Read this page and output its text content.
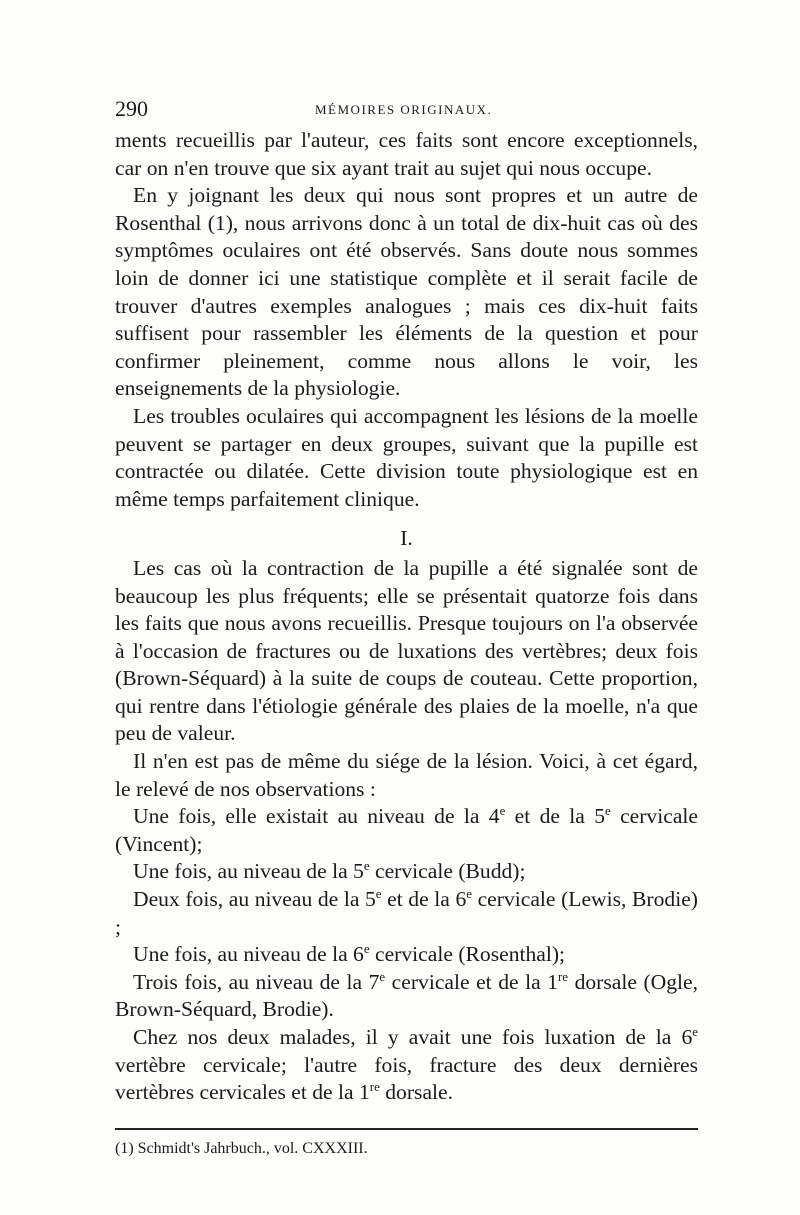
290	MÉMOIRES ORIGINAUX.

ments recueillis par l'auteur, ces faits sont encore exceptionnels, car on n'en trouve que six ayant trait au sujet qui nous occupe.

En y joignant les deux qui nous sont propres et un autre de Rosenthal (1), nous arrivons donc à un total de dix-huit cas où des symptômes oculaires ont été observés. Sans doute nous sommes loin de donner ici une statistique complète et il serait facile de trouver d'autres exemples analogues ; mais ces dix-huit faits suffisent pour rassembler les éléments de la question et pour confirmer pleinement, comme nous allons le voir, les enseignements de la physiologie.

Les troubles oculaires qui accompagnent les lésions de la moelle peuvent se partager en deux groupes, suivant que la pupille est contractée ou dilatée. Cette division toute physiologique est en même temps parfaitement clinique.

I.

Les cas où la contraction de la pupille a été signalée sont de beaucoup les plus fréquents; elle se présentait quatorze fois dans les faits que nous avons recueillis. Presque toujours on l'a observée à l'occasion de fractures ou de luxations des vertèbres; deux fois (Brown-Séquard) à la suite de coups de couteau. Cette proportion, qui rentre dans l'étiologie générale des plaies de la moelle, n'a que peu de valeur.

Il n'en est pas de même du siége de la lésion. Voici, à cet égard, le relevé de nos observations :

Une fois, elle existait au niveau de la 4e et de la 5e cervicale (Vincent);

Une fois, au niveau de la 5e cervicale (Budd);

Deux fois, au niveau de la 5e et de la 6e cervicale (Lewis, Brodie) ;

Une fois, au niveau de la 6e cervicale (Rosenthal);

Trois fois, au niveau de la 7e cervicale et de la 1re dorsale (Ogle, Brown-Séquard, Brodie).

Chez nos deux malades, il y avait une fois luxation de la 6e vertèbre cervicale; l'autre fois, fracture des deux dernières vertèbres cervicales et de la 1re dorsale.

(1) Schmidt's Jahrbuch., vol. CXXXIII.
